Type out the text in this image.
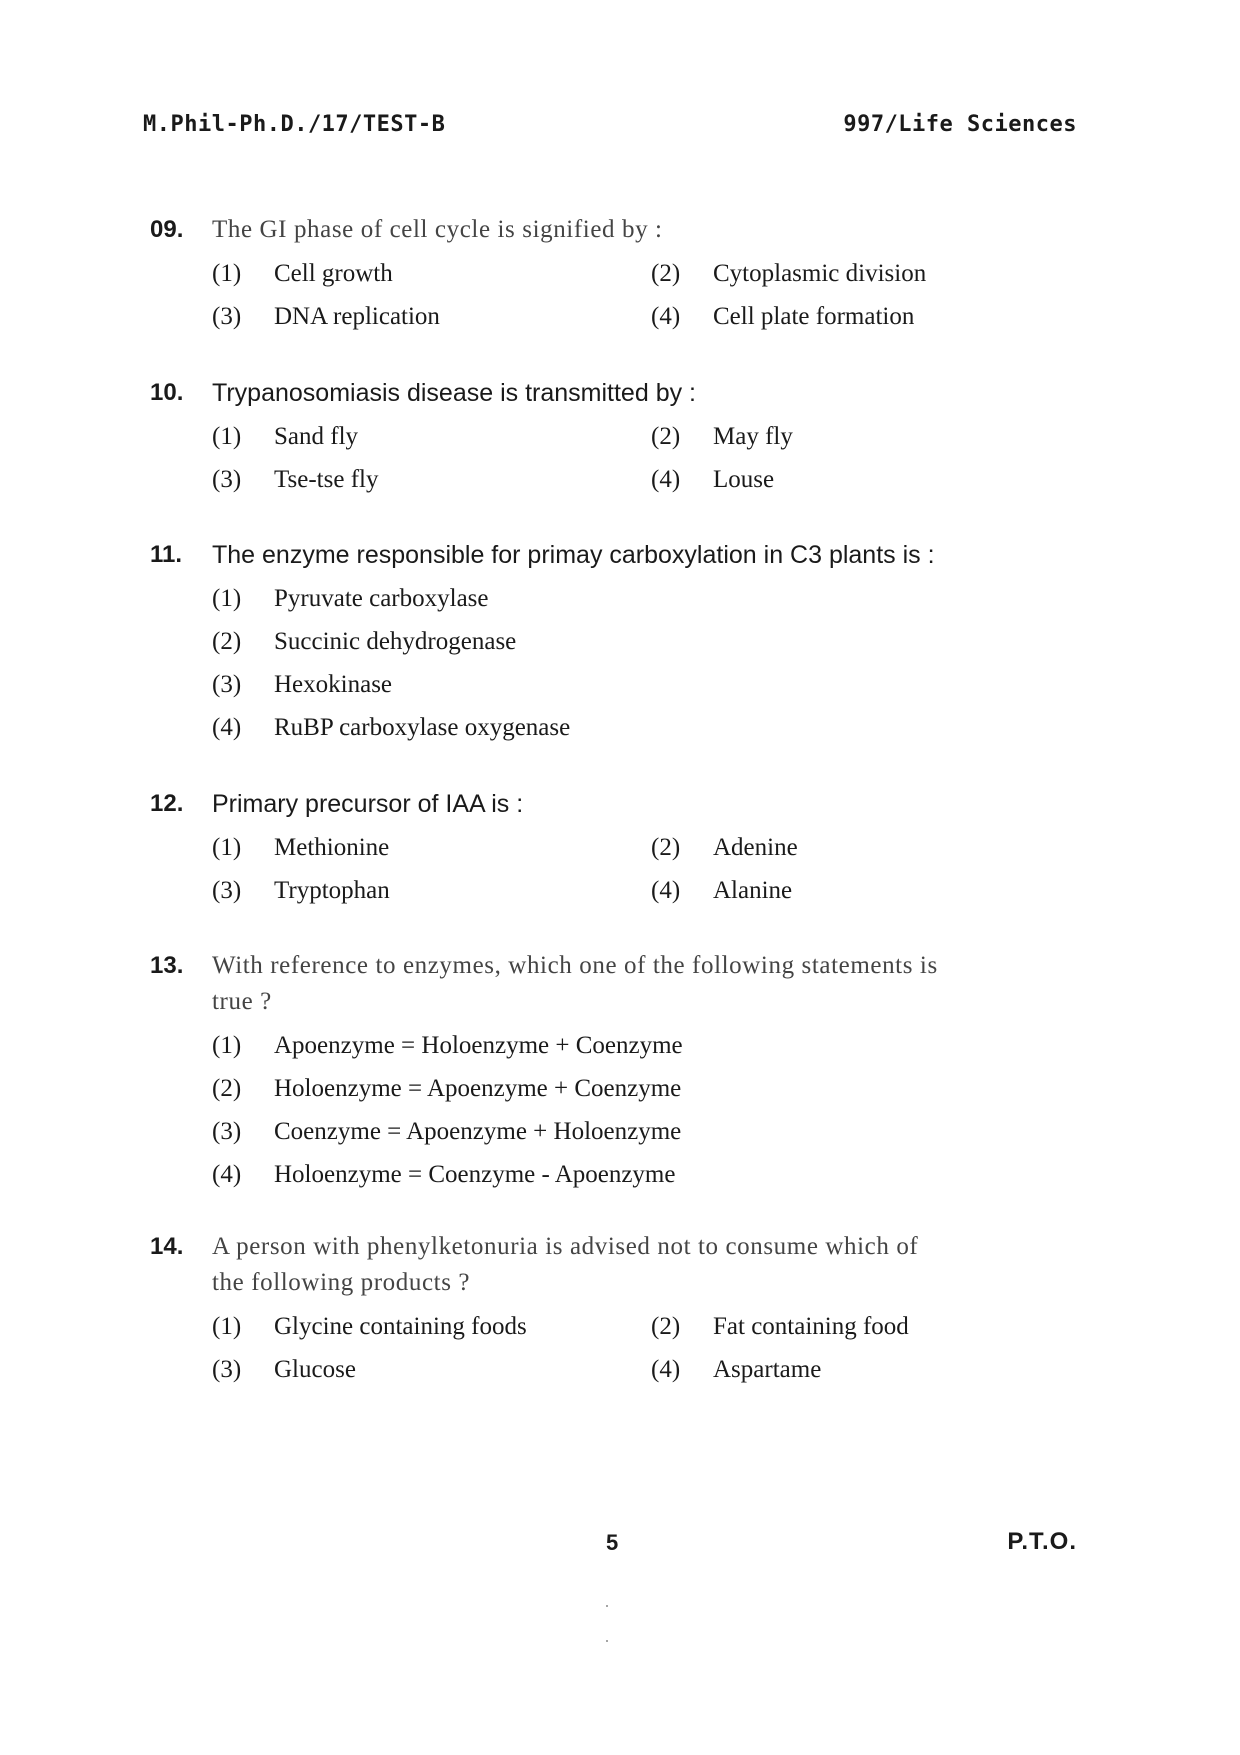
M.Phil-Ph.D./17/TEST-B	997/Life Sciences
09.	The GI phase of cell cycle is signified by :
(1)	Cell growth	(2)	Cytoplasmic division
(3)	DNA replication	(4)	Cell plate formation
10.	Trypanosomiasis disease is transmitted by :
(1)	Sand fly	(2)	May fly
(3)	Tse-tse fly	(4)	Louse
11.	The enzyme responsible for primay carboxylation in C3 plants is :
(1)	Pyruvate carboxylase
(2)	Succinic dehydrogenase
(3)	Hexokinase
(4)	RuBP carboxylase oxygenase
12.	Primary precursor of IAA is :
(1)	Methionine	(2)	Adenine
(3)	Tryptophan	(4)	Alanine
13.	With reference to enzymes, which one of the following statements is
true ?
(1)	Apoenzyme = Holoenzyme + Coenzyme
(2)	Holoenzyme = Apoenzyme + Coenzyme
(3)	Coenzyme = Apoenzyme + Holoenzyme
(4)	Holoenzyme = Coenzyme - Apoenzyme
14.	A person with phenylketonuria is advised not to consume which of
the following products ?
(1)	Glycine containing foods	(2)	Fat containing food
(3)	Glucose	(4)	Aspartame
5	P.T.O.
